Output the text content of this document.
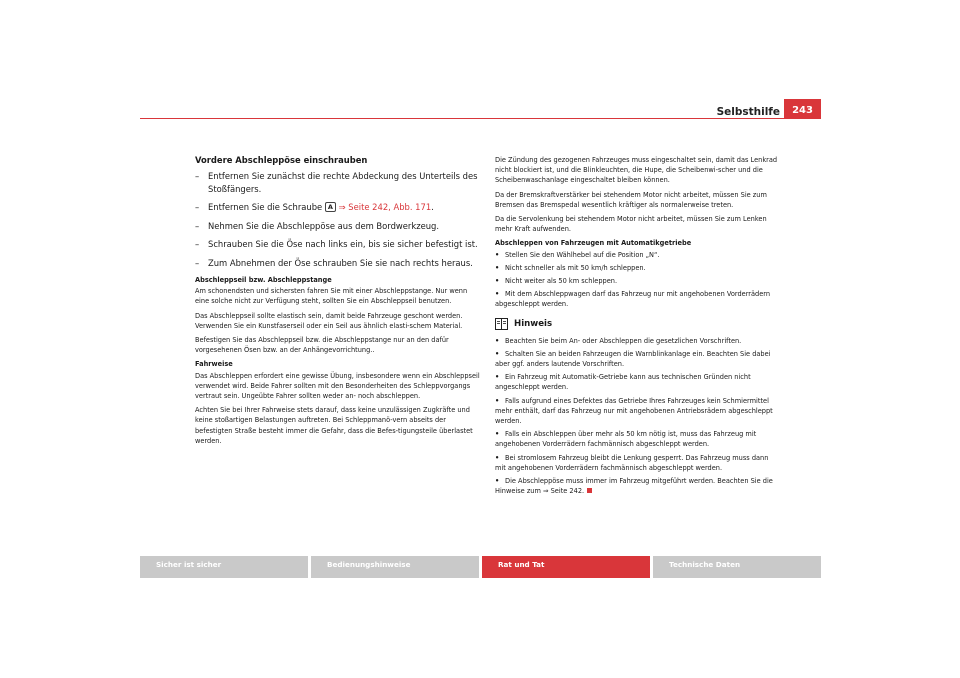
Selbsthilfe	243
Vordere Abschleppöse einschrauben
– Entfernen Sie zunächst die rechte Abdeckung des Unterteils des Stoßfängers.
– Entfernen Sie die Schraube A ⇒ Seite 242, Abb. 171.
– Nehmen Sie die Abschleppöse aus dem Bordwerkzeug.
– Schrauben Sie die Öse nach links ein, bis sie sicher befestigt ist.
– Zum Abnehmen der Öse schrauben Sie sie nach rechts heraus.
Abschleppseil bzw. Abschleppstange
Am schonendsten und sichersten fahren Sie mit einer Abschleppstange. Nur wenn eine solche nicht zur Verfügung steht, sollten Sie ein Abschleppseil benutzen.
Das Abschleppseil sollte elastisch sein, damit beide Fahrzeuge geschont werden. Verwenden Sie ein Kunstfaserseil oder ein Seil aus ähnlich elasti-schem Material.
Befestigen Sie das Abschleppseil bzw. die Abschleppstange nur an den dafür vorgesehenen Ösen bzw. an der Anhängevorrichtung..
Fahrweise
Das Abschleppen erfordert eine gewisse Übung, insbesondere wenn ein Abschleppseil verwendet wird. Beide Fahrer sollten mit den Besonderheiten des Schleppvorgangs vertraut sein. Ungeübte Fahrer sollten weder an- noch abschleppen.
Achten Sie bei Ihrer Fahrweise stets darauf, dass keine unzulässigen Zugkräfte und keine stoßartigen Belastungen auftreten. Bei Schleppmanö-vern abseits der befestigten Straße besteht immer die Gefahr, dass die Befes-tigungsteile überlastet werden.
Die Zündung des gezogenen Fahrzeuges muss eingeschaltet sein, damit das Lenkrad nicht blockiert ist, und die Blinkleuchten, die Hupe, die Scheibenwi-scher und die Scheibenwaschanlage eingeschaltet bleiben können.
Da der Bremskraftverstärker bei stehendem Motor nicht arbeitet, müssen Sie zum Bremsen das Bremspedal wesentlich kräftiger als normalerweise treten.
Da die Servolenkung bei stehendem Motor nicht arbeitet, müssen Sie zum Lenken mehr Kraft aufwenden.
Abschleppen von Fahrzeugen mit Automatikgetriebe
• Stellen Sie den Wählhebel auf die Position „N“.
• Nicht schneller als mit 50 km/h schleppen.
• Nicht weiter als 50 km schleppen.
• Mit dem Abschleppwagen darf das Fahrzeug nur mit angehobenen Vorderrädern abgeschleppt werden.
Hinweis
• Beachten Sie beim An- oder Abschleppen die gesetzlichen Vorschriften.
• Schalten Sie an beiden Fahrzeugen die Warnblinkanlage ein. Beachten Sie dabei aber ggf. anders lautende Vorschriften.
• Ein Fahrzeug mit Automatik-Getriebe kann aus technischen Gründen nicht angeschleppt werden.
• Falls aufgrund eines Defektes das Getriebe Ihres Fahrzeuges kein Schmiermittel mehr enthält, darf das Fahrzeug nur mit angehobenen Antriebsrädern abgeschleppt werden.
• Falls ein Abschleppen über mehr als 50 km nötig ist, muss das Fahrzeug mit angehobenen Vorderrädern fachmännisch abgeschleppt werden.
• Bei stromlosem Fahrzeug bleibt die Lenkung gesperrt. Das Fahrzeug muss dann mit angehobenen Vorderrädern fachmännisch abgeschleppt werden.
• Die Abschleppöse muss immer im Fahrzeug mitgeführt werden. Beachten Sie die Hinweise zum ⇒ Seite 242.
Sicher ist sicher	Bedienungshinweise	Rat und Tat	Technische Daten
